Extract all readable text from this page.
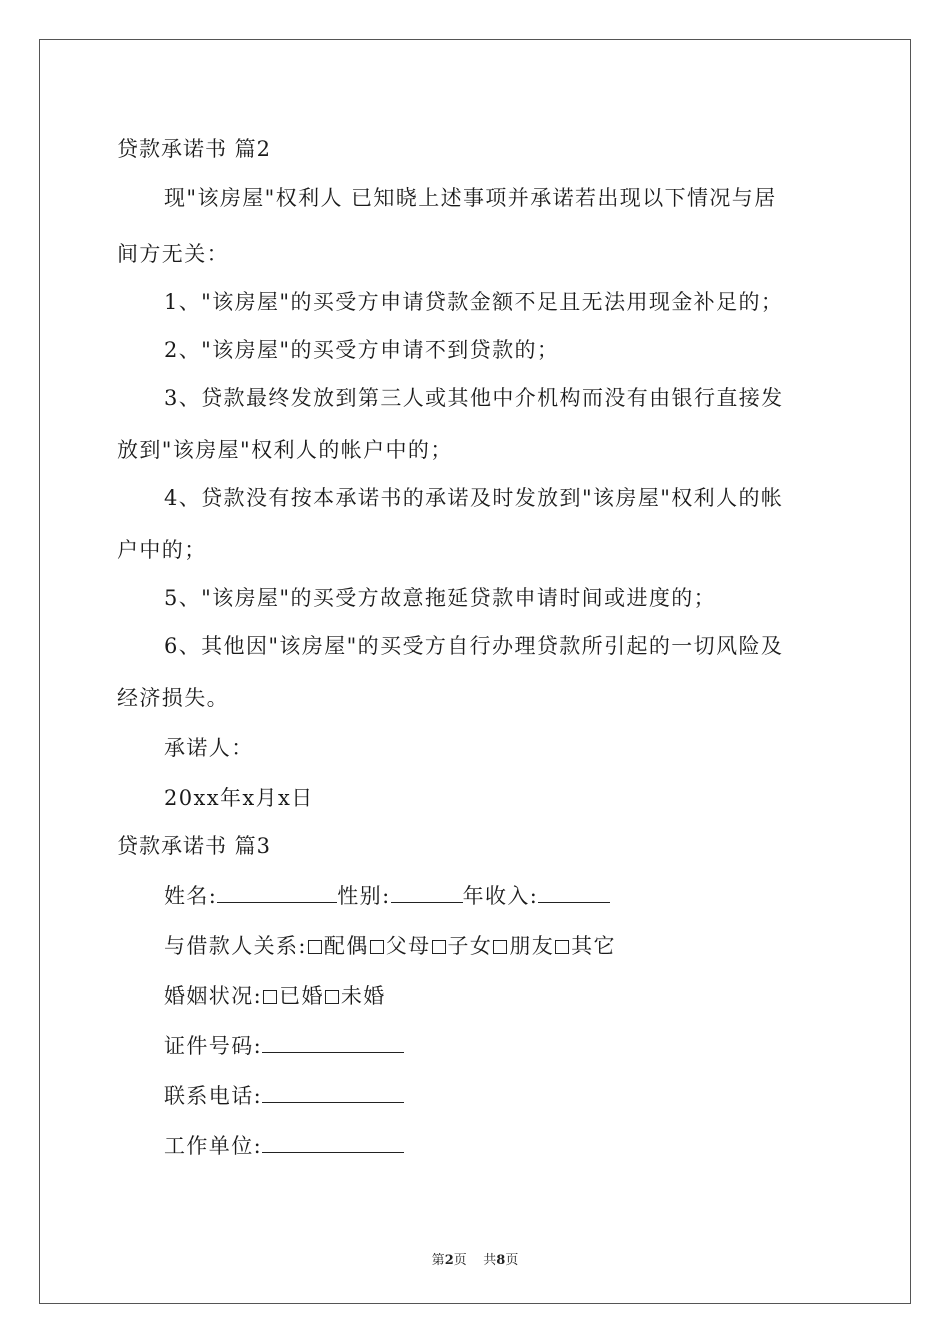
贷款承诺书 篇2
现"该房屋"权利人 已知晓上述事项并承诺若出现以下情况与居
间方无关：
1、"该房屋"的买受方申请贷款金额不足且无法用现金补足的；
2、"该房屋"的买受方申请不到贷款的；
3、贷款最终发放到第三人或其他中介机构而没有由银行直接发
放到"该房屋"权利人的帐户中的；
4、贷款没有按本承诺书的承诺及时发放到"该房屋"权利人的帐
户中的；
5、"该房屋"的买受方故意拖延贷款申请时间或进度的；
6、其他因"该房屋"的买受方自行办理贷款所引起的一切风险及
经济损失。
承诺人：
20xx年x月x日
贷款承诺书 篇3
姓名:	性别:	年收入:
与借款人关系: 配偶 父母 子女 朋友 其它
婚姻状况: 已婚 未婚
证件号码:
联系电话:
工作单位:
第2页    共8页
